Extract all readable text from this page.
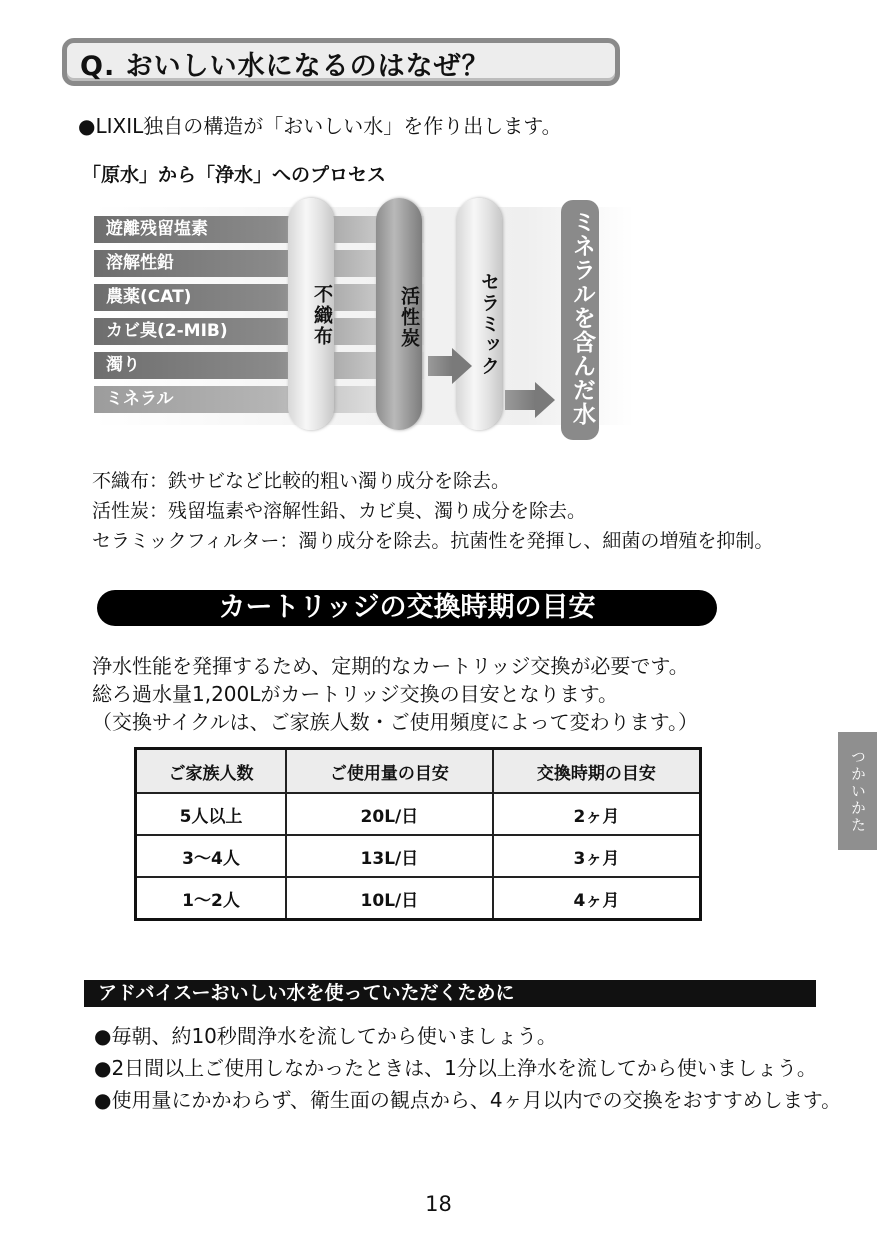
Q. おいしい水になるのはなぜ？
●LIXIL独自の構造が「おいしい水」を作り出します。
「原水」から「浄水」へのプロセス
遊離残留塩素
溶解性鉛
農薬(CAT)
カビ臭(2-MIB)
濁り
ミネラル
不織布	活性炭	セラミック	ミネラルを含んだ水
不織布：鉄サビなど比較的粗い濁り成分を除去。
活性炭：残留塩素や溶解性鉛、カビ臭、濁り成分を除去。
セラミックフィルター：濁り成分を除去。抗菌性を発揮し、細菌の増殖を抑制。
カートリッジの交換時期の目安
浄水性能を発揮するため、定期的なカートリッジ交換が必要です。
総ろ過水量1,200Lがカートリッジ交換の目安となります。
（交換サイクルは、ご家族人数・ご使用頻度によって変わります。）
ご家族人数	ご使用量の目安	交換時期の目安
5人以上	20L/日	2ヶ月
3〜4人	13L/日	3ヶ月
1〜2人	10L/日	4ヶ月
つかいかた
アドバイスーおいしい水を使っていただくために
●毎朝、約10秒間浄水を流してから使いましょう。
●2日間以上ご使用しなかったときは、1分以上浄水を流してから使いましょう。
●使用量にかかわらず、衛生面の観点から、4ヶ月以内での交換をおすすめします。
18
